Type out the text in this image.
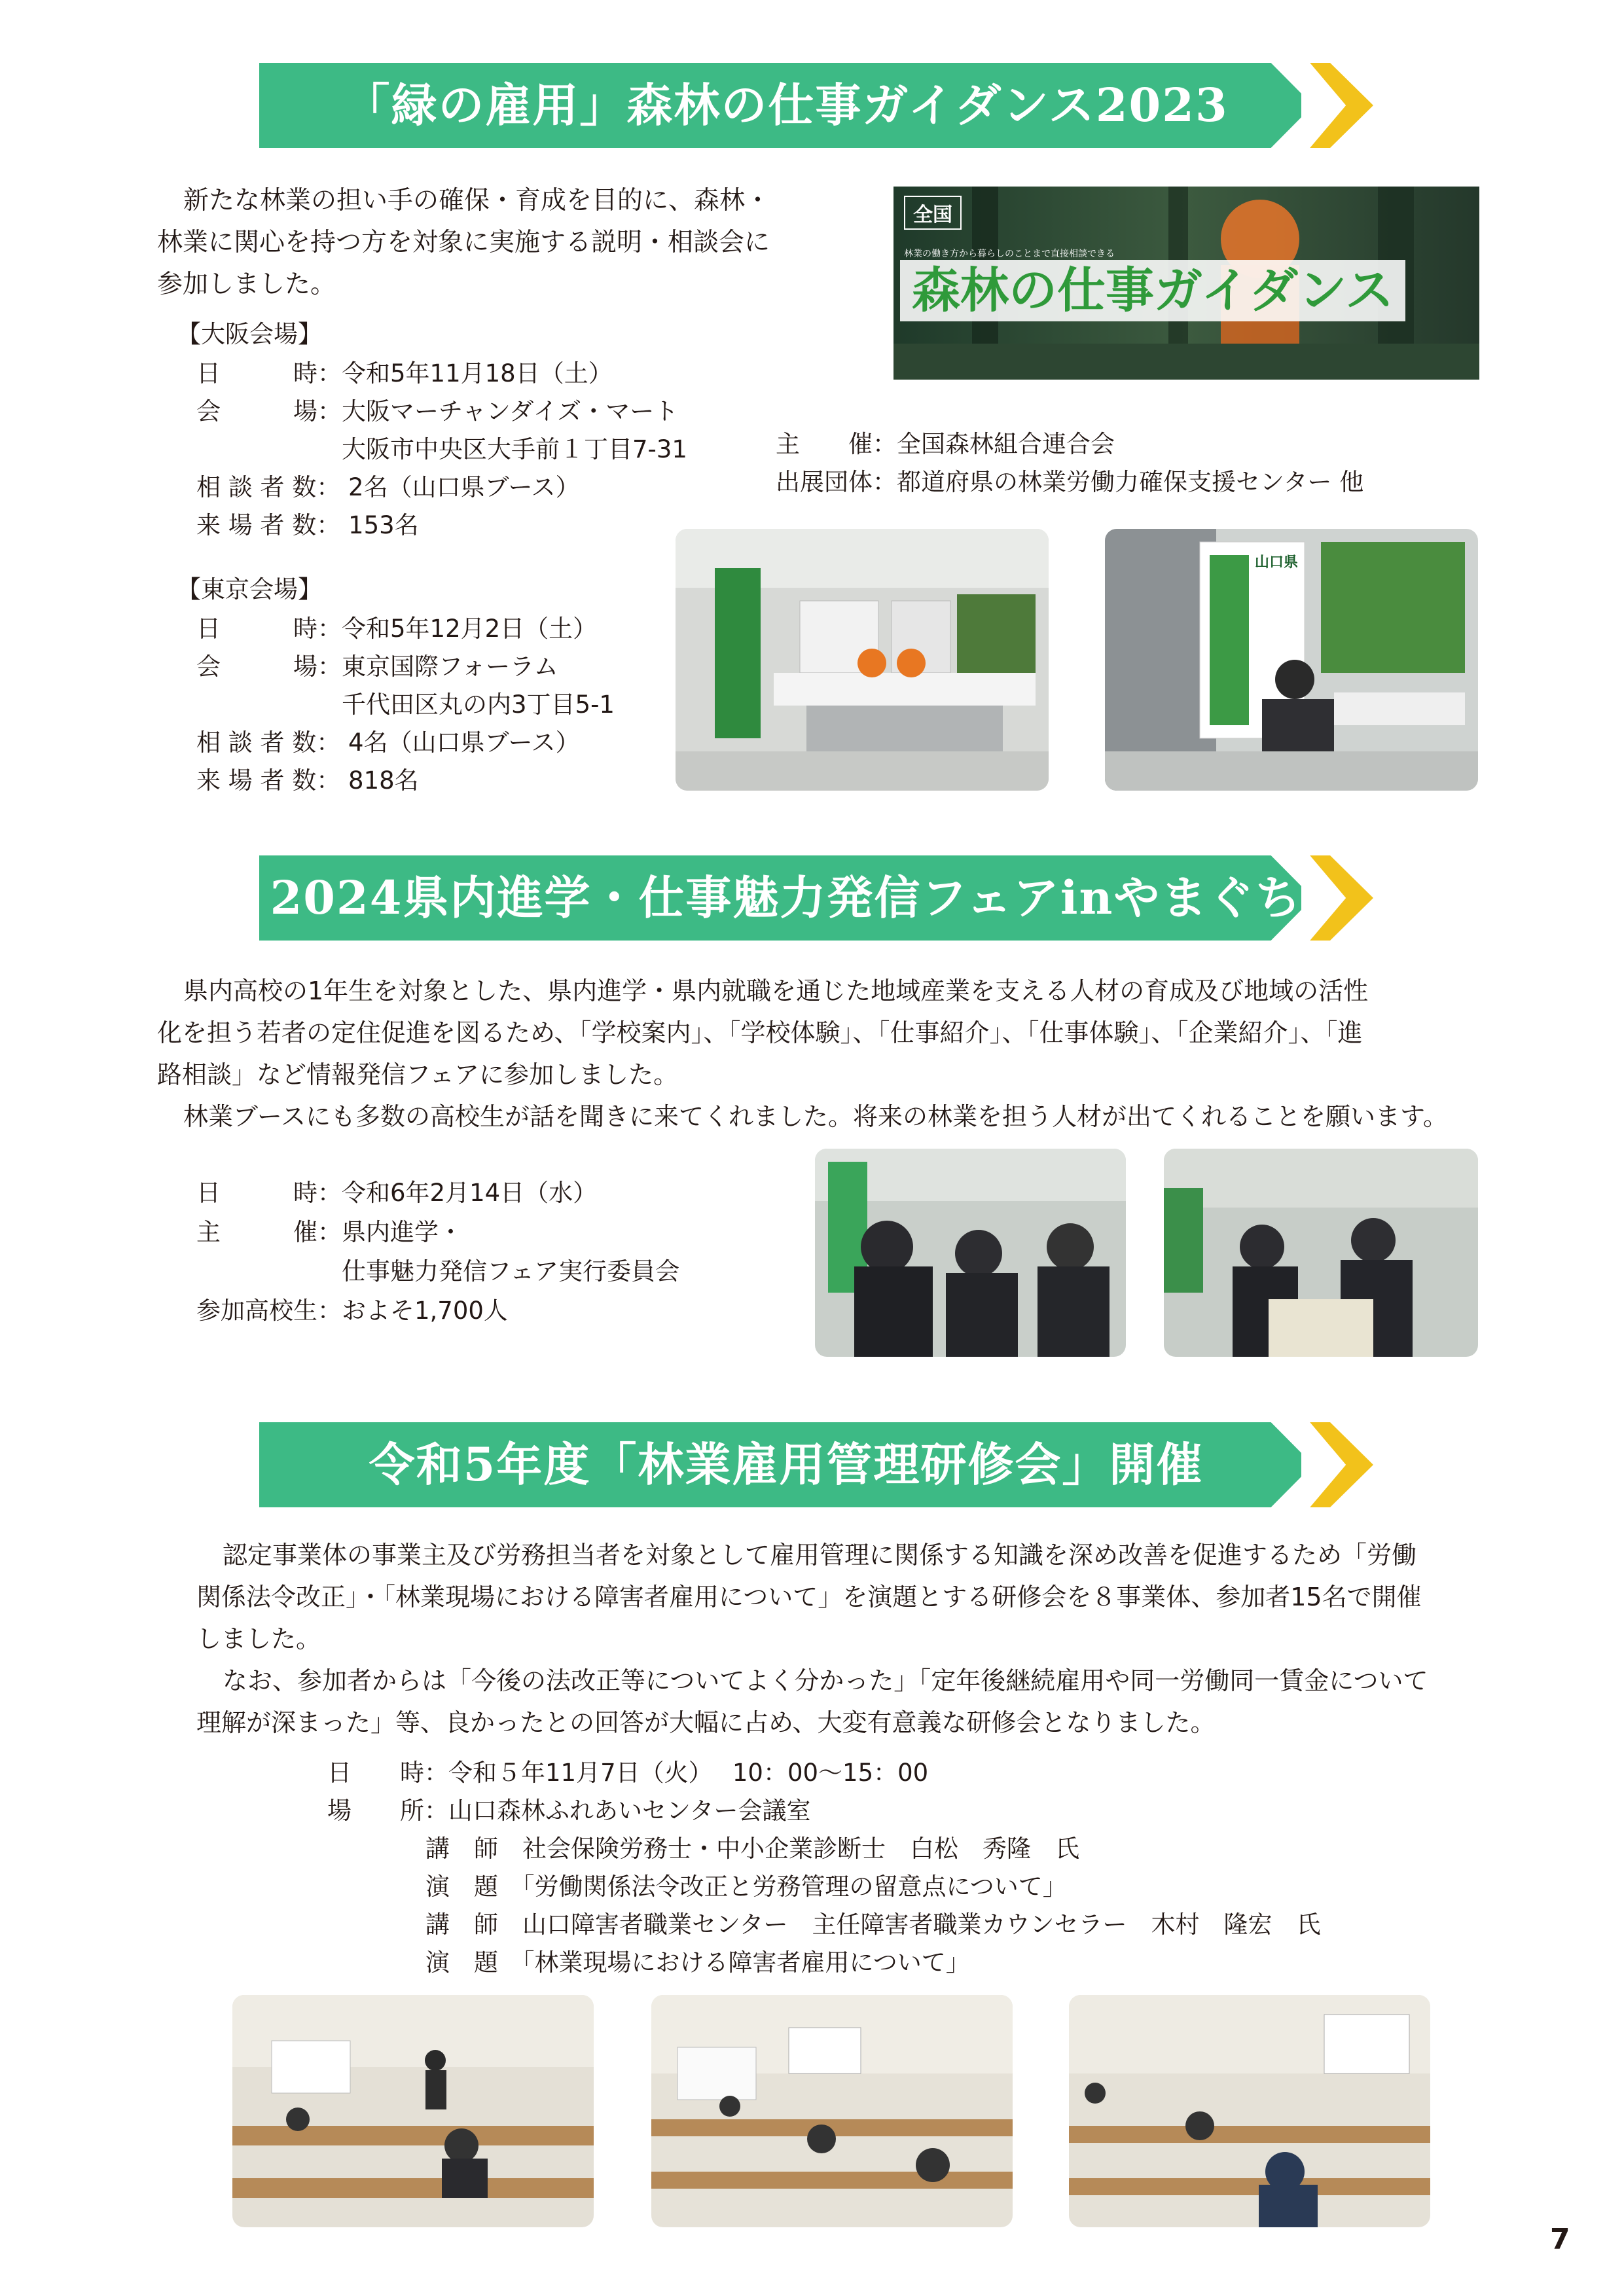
「緑の雇用」森林の仕事ガイダンス2023
新たな林業の担い手の確保・育成を目的に、森林・
林業に関心を持つ方を対象に実施する説明・相談会に
参加しました。
【大阪会場】
日　　　時：令和5年11月18日（土）
会　　　場：大阪マーチャンダイズ・マート
　　　　　　大阪市中央区大手前１丁目7-31
相 談 者 数： 2名（山口県ブース）
来 場 者 数： 153名
【東京会場】
日　　　時：令和5年12月2日（土）
会　　　場：東京国際フォーラム
　　　　　　千代田区丸の内3丁目5-1
相 談 者 数： 4名（山口県ブース）
来 場 者 数： 818名
主　　催：全国森林組合連合会
出展団体：都道府県の林業労働力確保支援センター 他
全国
林業の働き方から暮らしのことまで直接相談できる
森林の仕事ガイダンス
山口県
2024県内進学・仕事魅力発信フェアinやまぐち
県内高校の1年生を対象とした、県内進学・県内就職を通じた地域産業を支える人材の育成及び地域の活性
化を担う若者の定住促進を図るため、「学校案内」、「学校体験」、「仕事紹介」、「仕事体験」、「企業紹介」、「進
路相談」など情報発信フェアに参加しました。
林業ブースにも多数の高校生が話を聞きに来てくれました。将来の林業を担う人材が出てくれることを願います。
日　　　時：令和6年2月14日（水）
主　　　催：県内進学・
　　　　　　仕事魅力発信フェア実行委員会
参加高校生：およそ1,700人
令和5年度「林業雇用管理研修会」開催
認定事業体の事業主及び労務担当者を対象として雇用管理に関係する知識を深め改善を促進するため「労働
関係法令改正」・「林業現場における障害者雇用について」を演題とする研修会を８事業体、参加者15名で開催
しました。
なお、参加者からは「今後の法改正等についてよく分かった」「定年後継続雇用や同一労働同一賃金について
理解が深まった」等、良かったとの回答が大幅に占め、大変有意義な研修会となりました。
日　　時：令和５年11月7日（火）　 10：00～15：00
場　　所：山口森林ふれあいセンター会議室
講　師　社会保険労務士・中小企業診断士　白松　秀隆　氏
演　題　「労働関係法令改正と労務管理の留意点について」
講　師　山口障害者職業センター　主任障害者職業カウンセラー　木村　隆宏　氏
演　題　「林業現場における障害者雇用について」
7
